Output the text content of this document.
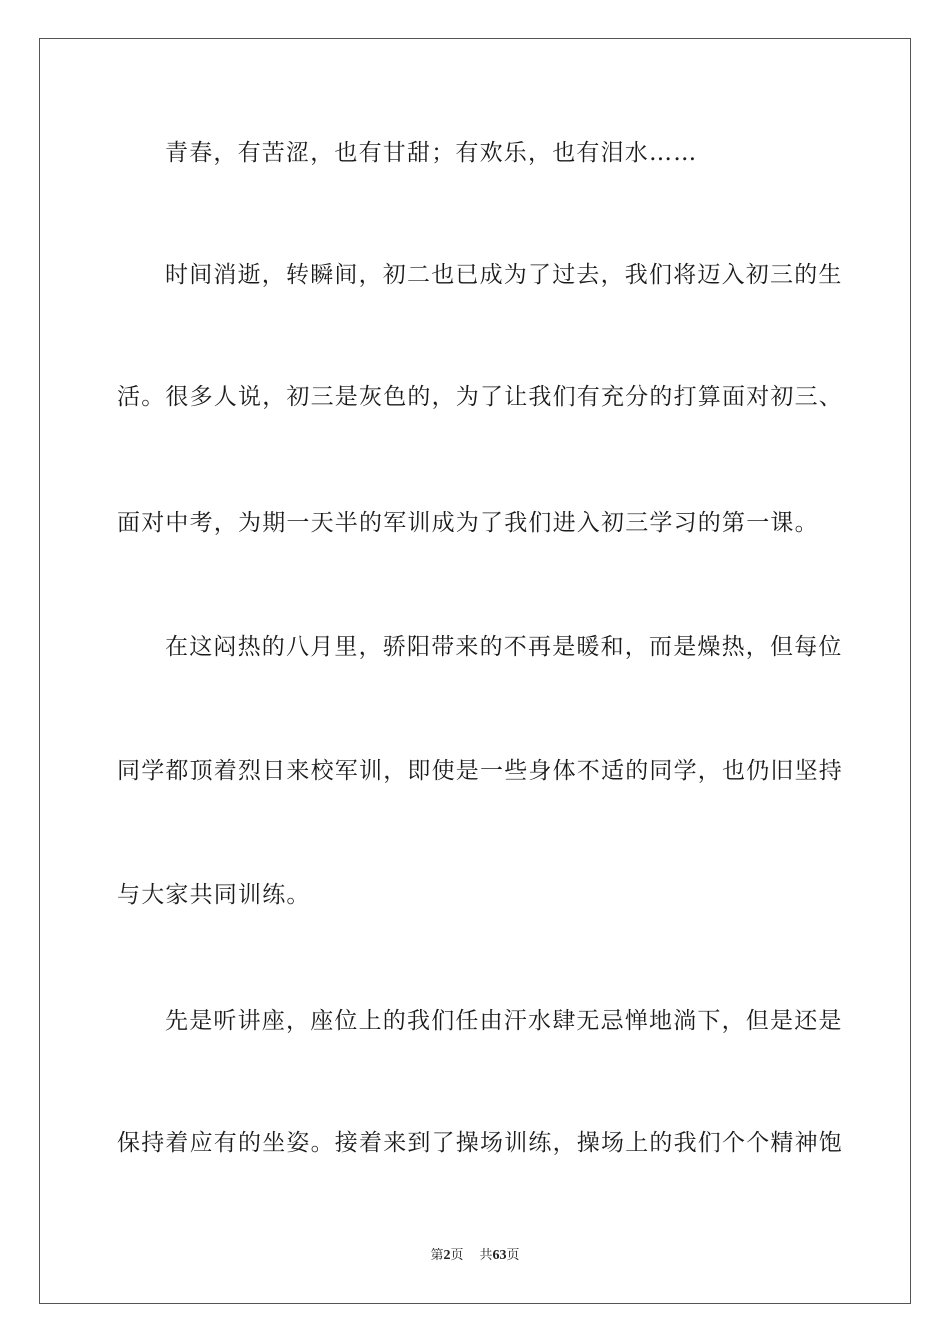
青春，有苦涩，也有甘甜；有欢乐，也有泪水……
时间消逝，转瞬间，初二也已成为了过去，我们将迈入初三的生
活。很多人说，初三是灰色的，为了让我们有充分的打算面对初三、
面对中考，为期一天半的军训成为了我们进入初三学习的第一课。
在这闷热的八月里，骄阳带来的不再是暖和，而是燥热，但每位
同学都顶着烈日来校军训，即使是一些身体不适的同学，也仍旧坚持
与大家共同训练。
先是听讲座，座位上的我们任由汗水肆无忌惮地淌下，但是还是
保持着应有的坐姿。接着来到了操场训练，操场上的我们个个精神饱
第2页 共63页
